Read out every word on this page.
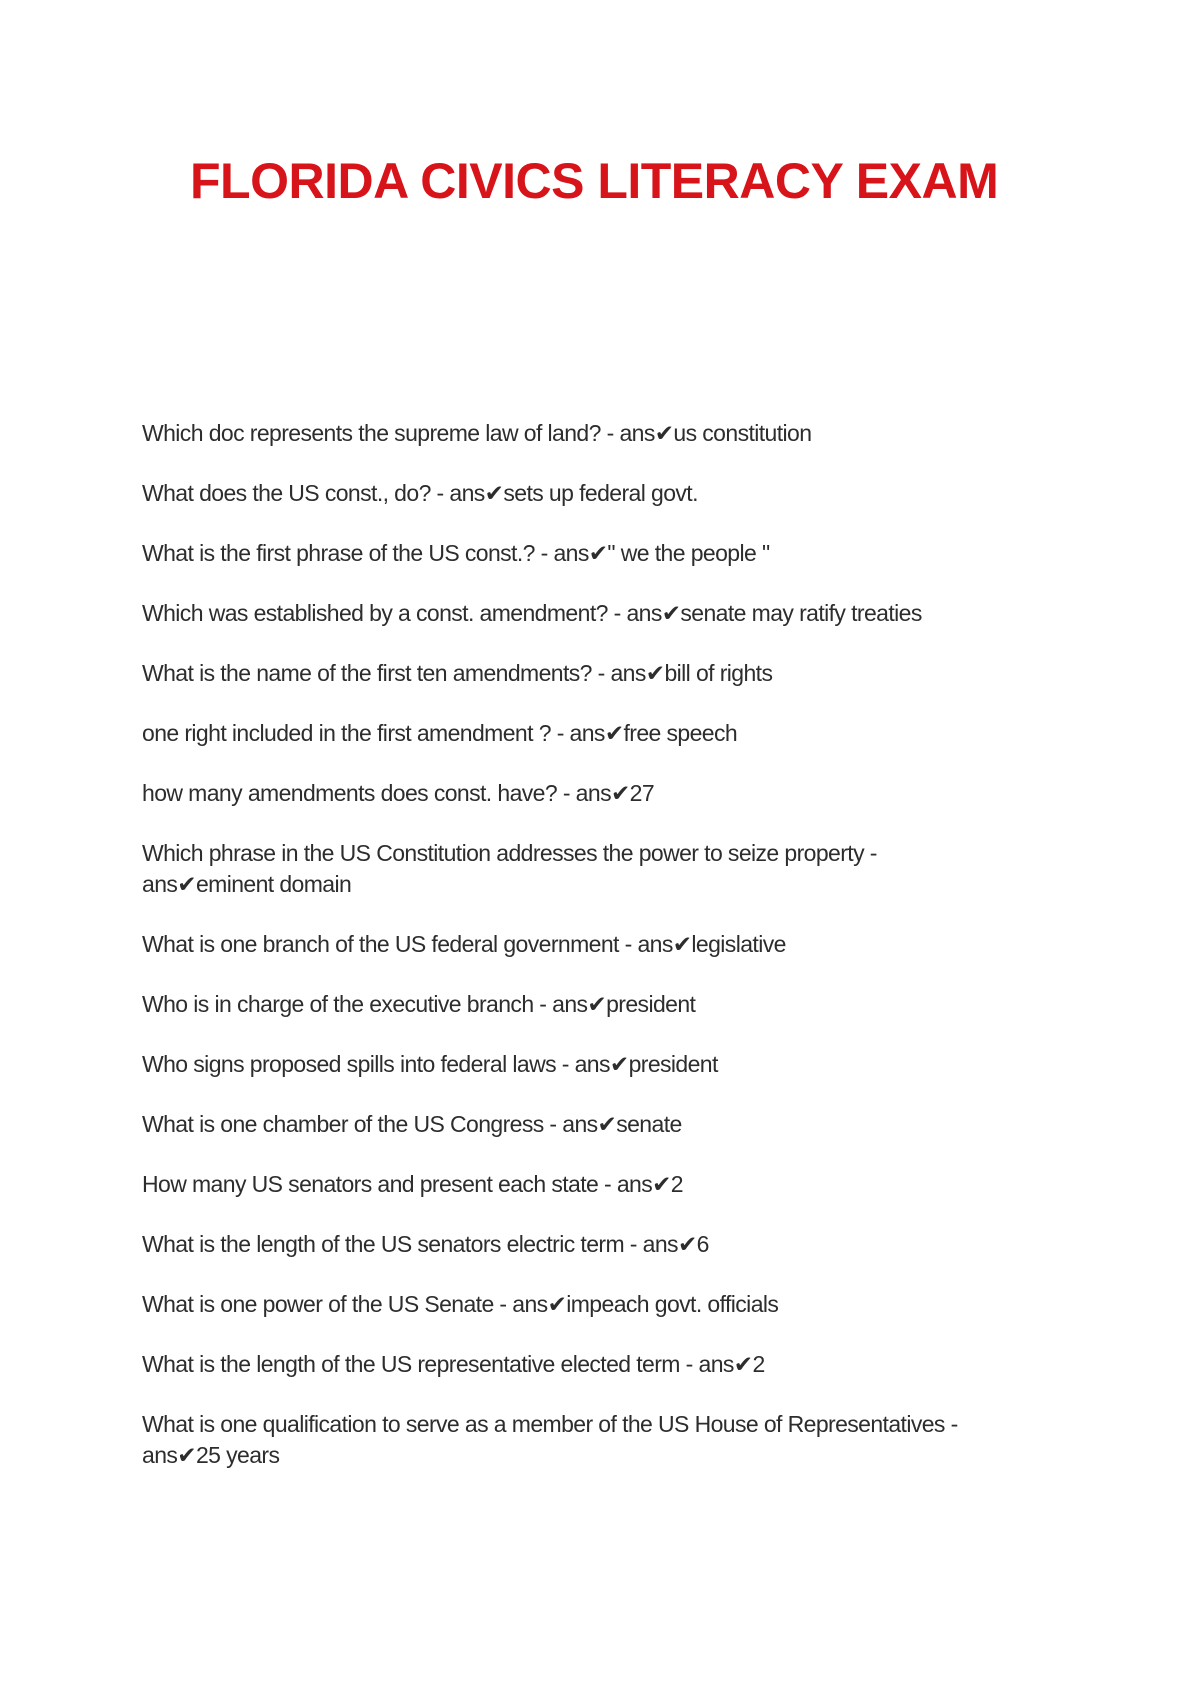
FLORIDA CIVICS LITERACY EXAM
Which doc represents the supreme law of land? - ans✔us constitution
What does the US const., do? - ans✔sets up federal govt.
What is the first phrase of the US const.? - ans✔" we the people "
Which was established by a const. amendment? - ans✔senate may ratify treaties
What is the name of the first ten amendments? - ans✔bill of rights
one right included in the first amendment ? - ans✔free speech
how many amendments does const. have? - ans✔27
Which phrase in the US Constitution addresses the power to seize property - ans✔eminent domain
What is one branch of the US federal government - ans✔legislative
Who is in charge of the executive branch - ans✔president
Who signs proposed spills into federal laws - ans✔president
What is one chamber of the US Congress - ans✔senate
How many US senators and present each state - ans✔2
What is the length of the US senators electric term - ans✔6
What is one power of the US Senate - ans✔impeach govt. officials
What is the length of the US representative elected term - ans✔2
What is one qualification to serve as a member of the US House of Representatives - ans✔25 years
